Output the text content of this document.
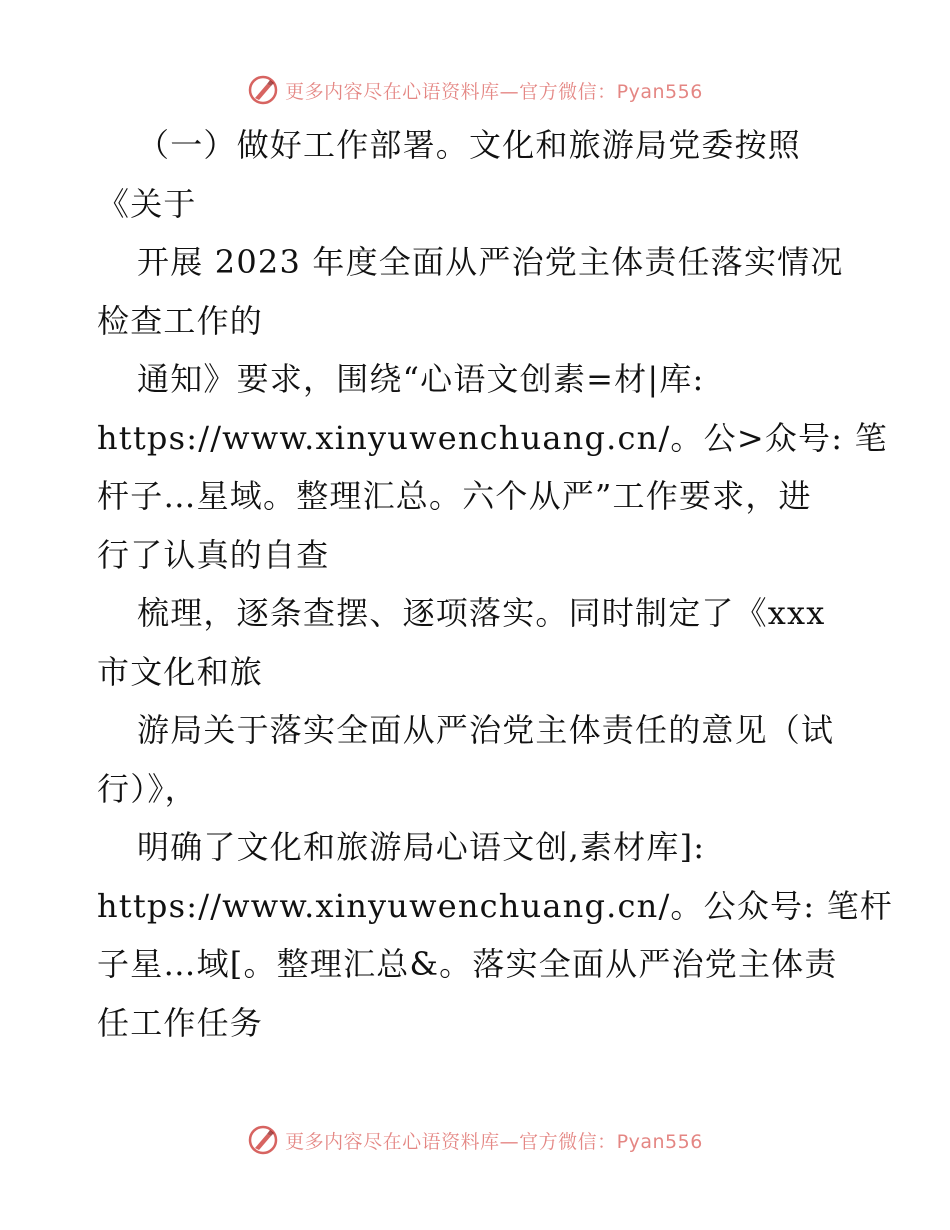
更多内容尽在心语资料库—官方微信：Pyan556
（一）做好工作部署。文化和旅游局党委按照
《关于
开展 2023 年度全面从严治党主体责任落实情况
检查工作的
通知》要求，围绕“心语文创素=材|库:
https://www.xinyuwenchuang.cn/。公>众号: 笔
杆子…星域。整理汇总。六个从严”工作要求，进
行了认真的自查
梳理，逐条查摆、逐项落实。同时制定了《xxx
市文化和旅
游局关于落实全面从严治党主体责任的意见（试
行）》，
明确了文化和旅游局心语文创,素材库]:
https://www.xinyuwenchuang.cn/。公众号: 笔杆
子星…域[。整理汇总&。落实全面从严治党主体责
任工作任务
更多内容尽在心语资料库—官方微信：Pyan556
